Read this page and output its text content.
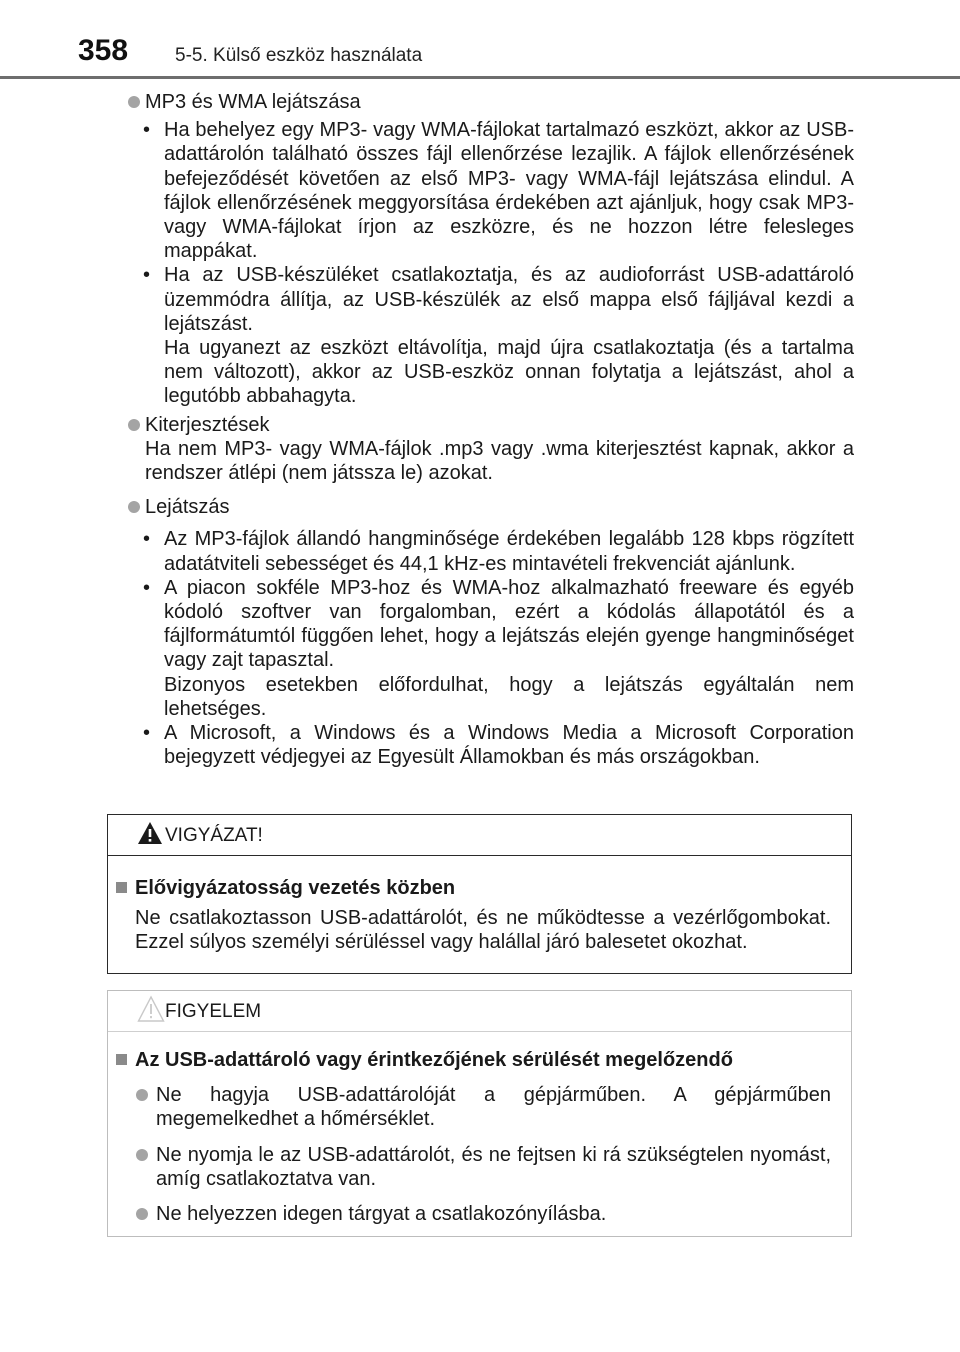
358 5-5. Külső eszköz használata

MP3 és WMA lejátszása

• Ha behelyez egy MP3- vagy WMA-fájlokat tartalmazó eszközt, akkor az USB-adattárolón található összes fájl ellenőrzése lezajlik. A fájlok ellenőrzésének befejeződését követően az első MP3- vagy WMA-fájl lejátszása elindul. A fájlok ellenőrzésének meggyorsítása érdekében azt ajánljuk, hogy csak MP3- vagy WMA-fájlokat írjon az eszközre, és ne hozzon létre felesleges mappákat.

• Ha az USB-készüléket csatlakoztatja, és az audioforrást USB-adattároló üzemmódra állítja, az USB-készülék az első mappa első fájljával kezdi a lejátszást.

Ha ugyanezt az eszközt eltávolítja, majd újra csatlakoztatja (és a tartalma nem változott), akkor az USB-eszköz onnan folytatja a lejátszást, ahol a legutóbb abbahagyta.

Kiterjesztések

Ha nem MP3- vagy WMA-fájlok .mp3 vagy .wma kiterjesztést kapnak, akkor a rendszer átlépi (nem játssza le) azokat.

Lejátszás

• Az MP3-fájlok állandó hangminősége érdekében legalább 128 kbps rögzített adatátviteli sebességet és 44,1 kHz-es mintavételi frekvenciát ajánlunk.

• A piacon sokféle MP3-hoz és WMA-hoz alkalmazható freeware és egyéb kódoló szoftver van forgalomban, ezért a kódolás állapotától és a fájlformátumtól függően lehet, hogy a lejátszás elején gyenge hangminőséget vagy zajt tapasztal.

Bizonyos esetekben előfordulhat, hogy a lejátszás egyáltalán nem lehetséges.

• A Microsoft, a Windows és a Windows Media a Microsoft Corporation bejegyzett védjegyei az Egyesült Államokban és más országokban.

VIGYÁZAT!
Elővigyázatosság vezetés közben

Ne csatlakoztasson USB-adattárolót, és ne működtesse a vezérlőgombokat. Ezzel súlyos személyi sérüléssel vagy halállal járó balesetet okozhat.

FIGYELEM
Az USB-adattároló vagy érintkezőjének sérülését megelőzendő
Ne hagyja USB-adattárolóját a gépjárműben. A gépjárműben megemelkedhet a hőmérséklet.
Ne nyomja le az USB-adattárolót, és ne fejtsen ki rá szükségtelen nyomást, amíg csatlakoztatva van.
Ne helyezzen idegen tárgyat a csatlakozónyílásba.
